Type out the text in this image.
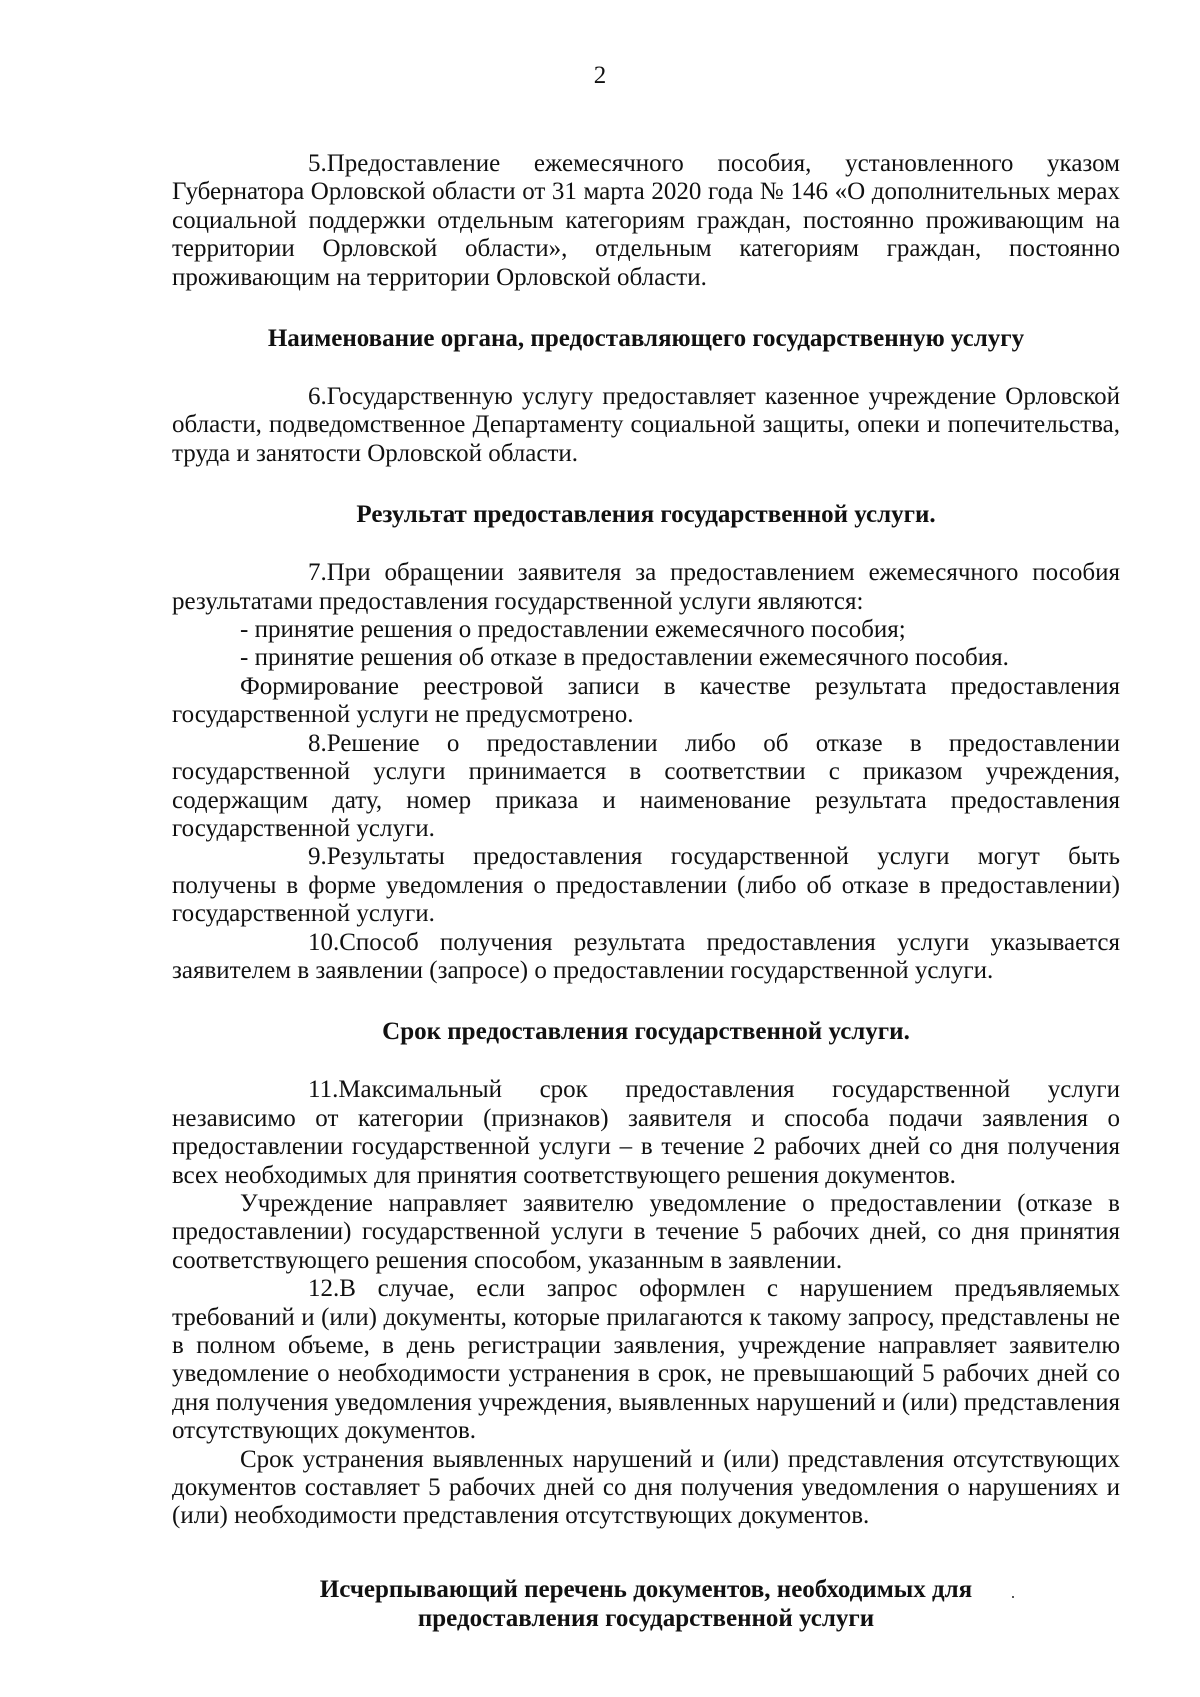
2

5.Предоставление ежемесячного пособия, установленного указом Губернатора Орловской области от 31 марта 2020 года № 146 «О дополнительных мерах социальной поддержки отдельным категориям граждан, постоянно проживающим на территории Орловской области», отдельным категориям граждан, постоянно проживающим на территории Орловской области.

Наименование органа, предоставляющего государственную услугу

6.Государственную услугу предоставляет казенное учреждение Орловской области, подведомственное Департаменту социальной защиты, опеки и попечительства, труда и занятости Орловской области.

Результат предоставления государственной услуги.

7.При обращении заявителя за предоставлением ежемесячного пособия результатами предоставления государственной услуги являются:

- принятие решения о предоставлении ежемесячного пособия;

- принятие решения об отказе в предоставлении ежемесячного пособия.

Формирование реестровой записи в качестве результата предоставления государственной услуги не предусмотрено.

8.Решение о предоставлении либо об отказе в предоставлении государственной услуги принимается в соответствии с приказом учреждения, содержащим дату, номер приказа и наименование результата предоставления государственной услуги.

9.Результаты предоставления государственной услуги могут быть получены в форме уведомления о предоставлении (либо об отказе в предоставлении) государственной услуги.

10.Способ получения результата предоставления услуги указывается заявителем в заявлении (запросе) о предоставлении государственной услуги.

Срок предоставления государственной услуги.

11.Максимальный срок предоставления государственной услуги независимо от категории (признаков) заявителя и способа подачи заявления о предоставлении государственной услуги – в течение 2 рабочих дней со дня получения всех необходимых для принятия соответствующего решения документов.

Учреждение направляет заявителю уведомление о предоставлении (отказе в предоставлении) государственной услуги в течение 5 рабочих дней, со дня принятия соответствующего решения способом, указанным в заявлении.

12.В случае, если запрос оформлен с нарушением предъявляемых требований и (или) документы, которые прилагаются к такому запросу, представлены не в полном объеме, в день регистрации заявления, учреждение направляет заявителю уведомление о необходимости устранения в срок, не превышающий 5 рабочих дней со дня получения уведомления учреждения, выявленных нарушений и (или) представления отсутствующих документов.

Срок устранения выявленных нарушений и (или) представления отсутствующих документов составляет 5 рабочих дней со дня получения уведомления о нарушениях и (или) необходимости представления отсутствующих документов.

Исчерпывающий перечень документов, необходимых для предоставления государственной услуги
